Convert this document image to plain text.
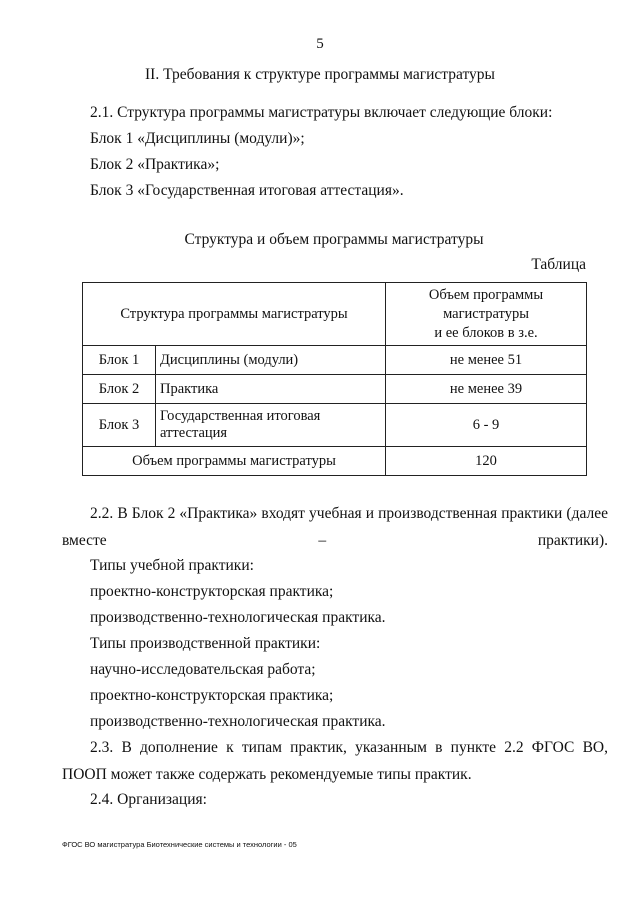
5
II. Требования к структуре программы магистратуры
2.1. Структура программы магистратуры включает следующие блоки:
Блок 1 «Дисциплины (модули)»;
Блок 2 «Практика»;
Блок 3 «Государственная итоговая аттестация».
Структура и объем программы магистратуры
Таблица
Структура программы магистратуры		Объем программы
магистратуры
и ее блоков в з.е.

Блок 1	Дисциплины (модули)	не менее 51
Блок 2	Практика	не менее 39
Блок 3	Государственная итоговая аттестация	6 - 9
Объем программы магистратуры		120
2.2. В Блок 2 «Практика» входят учебная и производственная практики (далее вместе – практики).
Типы учебной практики:
проектно-конструкторская практика;
производственно-технологическая практика.
Типы производственной практики:
научно-исследовательская работа;
проектно-конструкторская практика;
производственно-технологическая практика.
2.3. В дополнение к типам практик, указанным в пункте 2.2 ФГОС ВО, ПООП может также содержать рекомендуемые типы практик.
2.4. Организация:
ФГОС ВО магистратура Биотехнические системы и технологии - 05
